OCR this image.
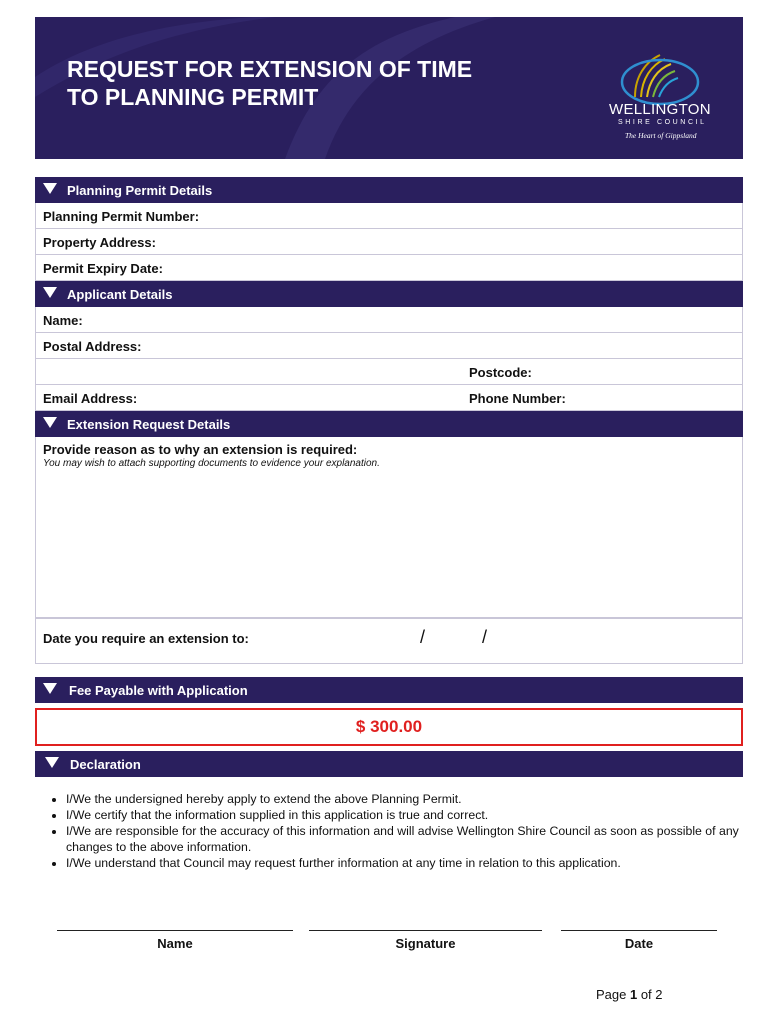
REQUEST FOR EXTENSION OF TIME
TO PLANNING PERMIT	WELLINGTON
SHIRE COUNCIL
The Heart of Gippsland
Planning Permit Details
Planning Permit Number:
Property Address:
Permit Expiry Date:
Applicant Details
Name:
Postal Address:
Postcode:
Email Address:	Phone Number:
Extension Request Details
Provide reason as to why an extension is required:
You may wish to attach supporting documents to evidence your explanation.
Date you require an extension to:	/	/
Fee Payable with Application
$ 300.00
Declaration
• I/We the undersigned hereby apply to extend the above Planning Permit.
• I/We certify that the information supplied in this application is true and correct.
• I/We are responsible for the accuracy of this information and will advise Wellington Shire Council as soon as possible of any changes to the above information.
• I/We understand that Council may request further information at any time in relation to this application.
Name	Signature	Date
Page 1 of 2
